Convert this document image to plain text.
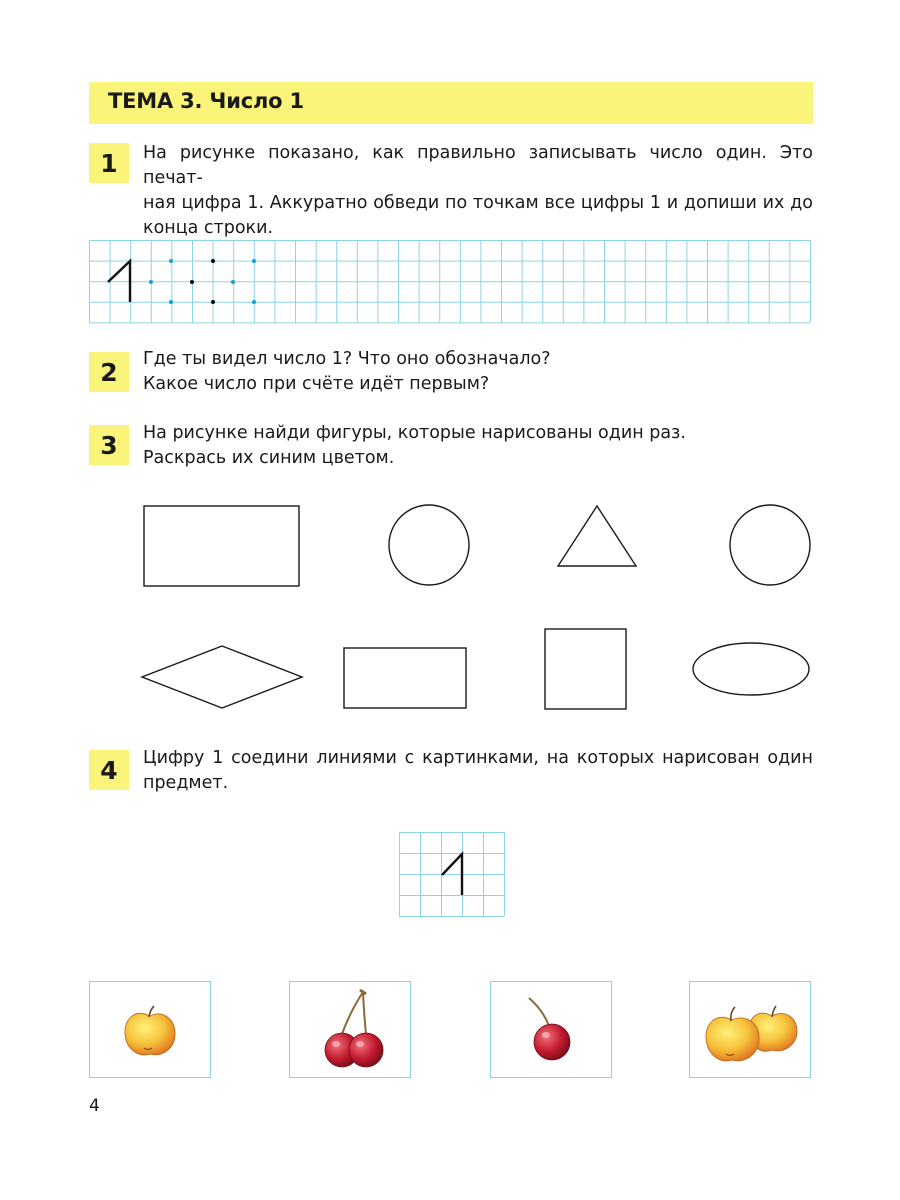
ТЕМА 3. Число 1
1	На рисунке показано, как правильно записывать число один. Это печат-
ная цифра 1. Аккуратно обведи по точкам все цифры 1 и допиши их до
конца строки.
2	Где ты видел число 1? Что оно обозначало?
Какое число при счёте идёт первым?
3	На рисунке найди фигуры, которые нарисованы один раз.
Раскрась их синим цветом.
4	Цифру 1 соедини линиями с картинками, на которых нарисован один
предмет.
4
